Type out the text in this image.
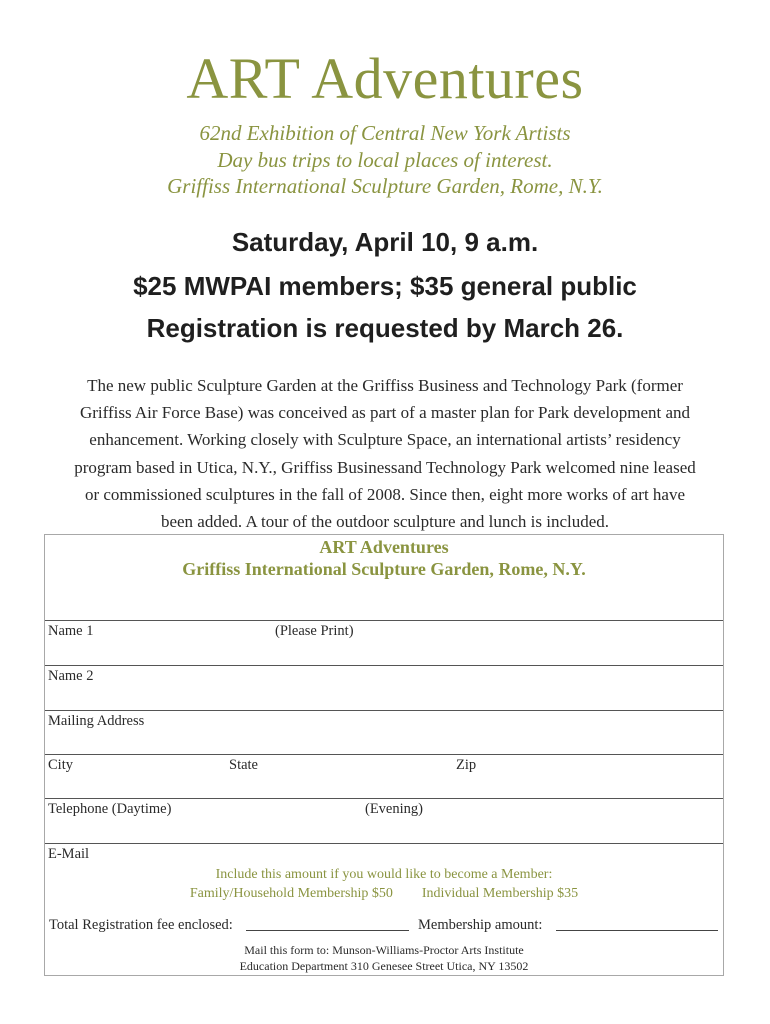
ART Adventures
62nd Exhibition of Central New York Artists
Day bus trips to local places of interest.
Griffiss International Sculpture Garden, Rome, N.Y.
Saturday, April 10, 9 a.m.
$25 MWPAI members; $35 general public
Registration is requested by March 26.
The new public Sculpture Garden at the Griffiss Business and Technology Park (former
Griffiss Air Force Base) was conceived as part of a master plan for Park development and
enhancement. Working closely with Sculpture Space, an international artists’ residency
program based in Utica, N.Y., Griffiss Businessand Technology Park welcomed nine leased
or commissioned sculptures in the fall of 2008. Since then, eight more works of art have
been added. A tour of the outdoor sculpture and lunch is included.
ART Adventures
Griffiss International Sculpture Garden, Rome, N.Y.
Name 1	(Please Print)
Name 2
Mailing Address
City	State	Zip
Telephone (Daytime)	(Evening)
E-Mail
Include this amount if you would like to become a Member:
Family/Household Membership $50 Individual Membership $35
Total Registration fee enclosed:	Membership amount:
Mail this form to: Munson-Williams-Proctor Arts Institute
Education Department 310 Genesee Street Utica, NY 13502
